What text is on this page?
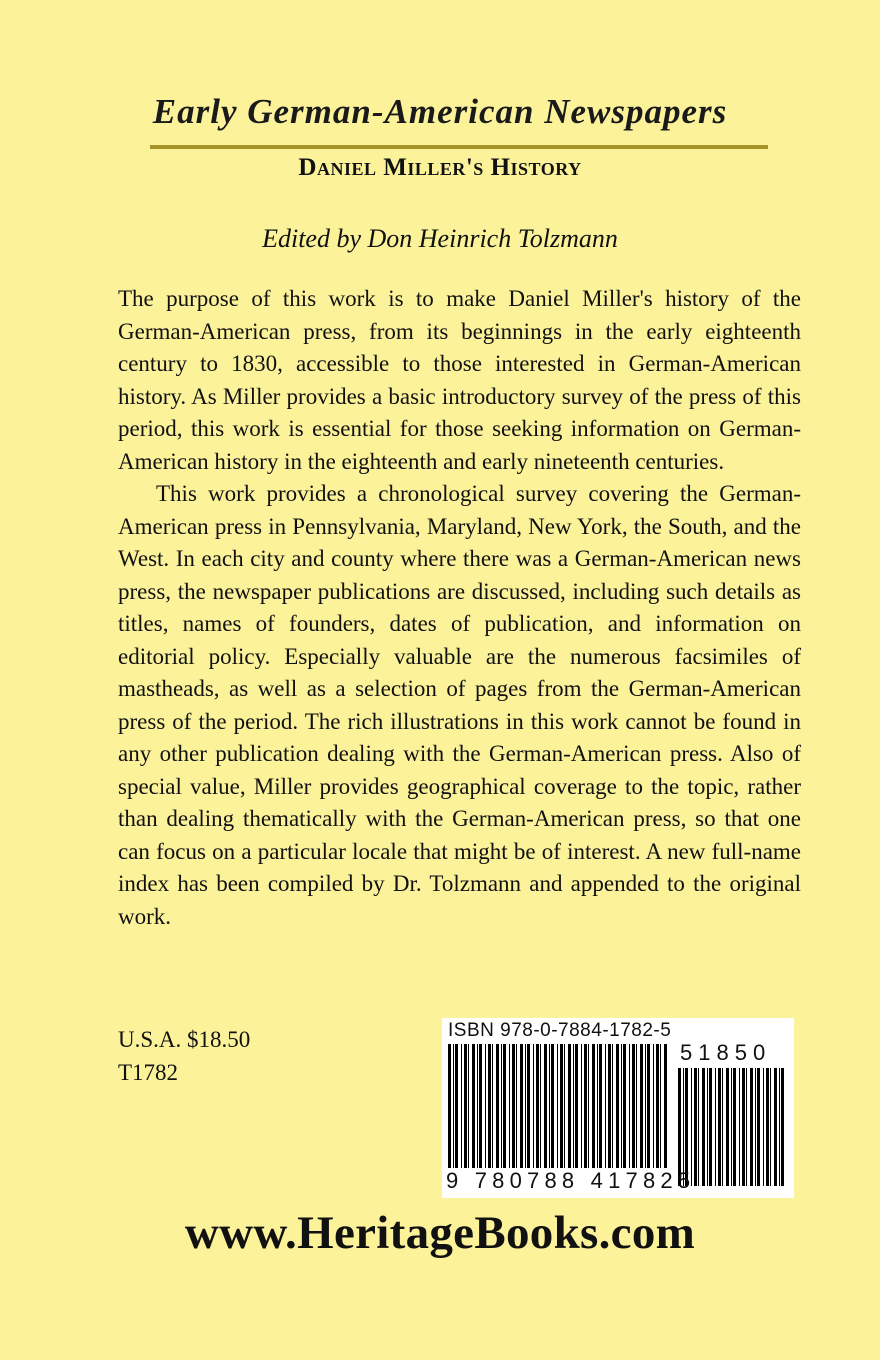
Early German-American Newspapers
Daniel Miller's History
Edited by Don Heinrich Tolzmann

The purpose of this work is to make Daniel Miller's history of the German-American press, from its beginnings in the early eighteenth century to 1830, accessible to those interested in German-American history. As Miller provides a basic introductory survey of the press of this period, this work is essential for those seeking information on German-American history in the eighteenth and early nineteenth centuries.

This work provides a chronological survey covering the German-American press in Pennsylvania, Maryland, New York, the South, and the West. In each city and county where there was a German-American news press, the newspaper publications are discussed, including such details as titles, names of founders, dates of publication, and information on editorial policy. Especially valuable are the numerous facsimiles of mastheads, as well as a selection of pages from the German-American press of the period. The rich illustrations in this work cannot be found in any other publication dealing with the German-American press. Also of special value, Miller provides geographical coverage to the topic, rather than dealing thematically with the German-American press, so that one can focus on a particular locale that might be of interest. A new full-name index has been compiled by Dr. Tolzmann and appended to the original work.

U.S.A. $18.50
T1782
ISBN 978-0-7884-1782-5
51850
9 780788 417825
www.HeritageBooks.com
